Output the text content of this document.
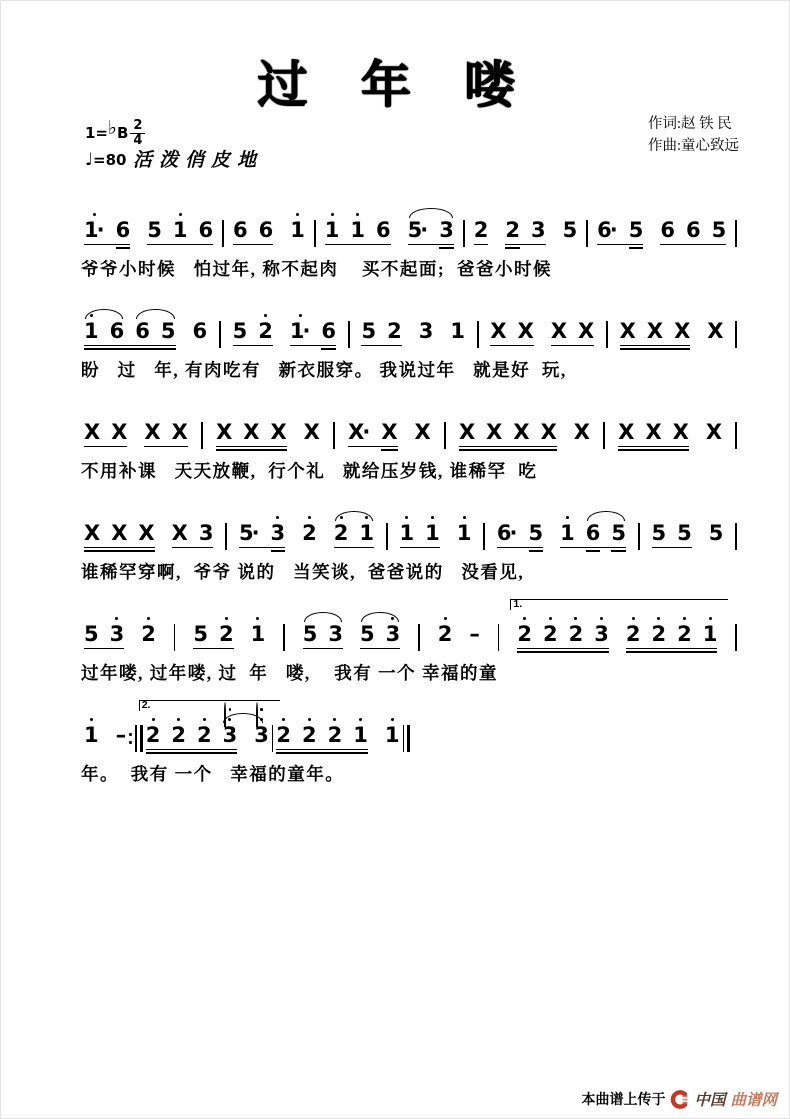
过 年 喽
1= ♭ B $\frac{2}{4}$
♩ =80 活泼俏皮地
作词:赵 铁 民
作曲:童心致远
1· 6 5 1 6 6 6 1 1 1 6 5· 3 2 2 3 5 6· 5 6 6 5
爷爷小时候   怕过年, 称不起肉    买不起面;  爸爸小时候
1 6 6 5 6 5 2 1· 6 5 2 3 1 X X X X X X X X
盼   过   年, 有肉吃有   新衣服穿。 我说过年   就是好  玩,
X X X X X X X X X· X X X X X X X X X X X
不用补课   天天放鞭,  行个礼   就给压岁钱, 谁稀罕  吃
X X X X 3 5· 3 2 2 1 1 1 1 6· 5 1 6 5 5 5 5
谁稀罕穿啊,  爷爷 说的   当笑谈,  爸爸说的   没看见,
5 3 2 5 2 1 5 3 5 3 2 –
1.
2 2 2 3 2 2 2 1
过年喽, 过年喽, 过  年   喽,    我有 一个 幸福的童
1 –
2.
2 2 2 3 3 2 2 2 1 1
年。  我有 一个   幸福的童年。
本曲谱上传于 中国 曲谱网
